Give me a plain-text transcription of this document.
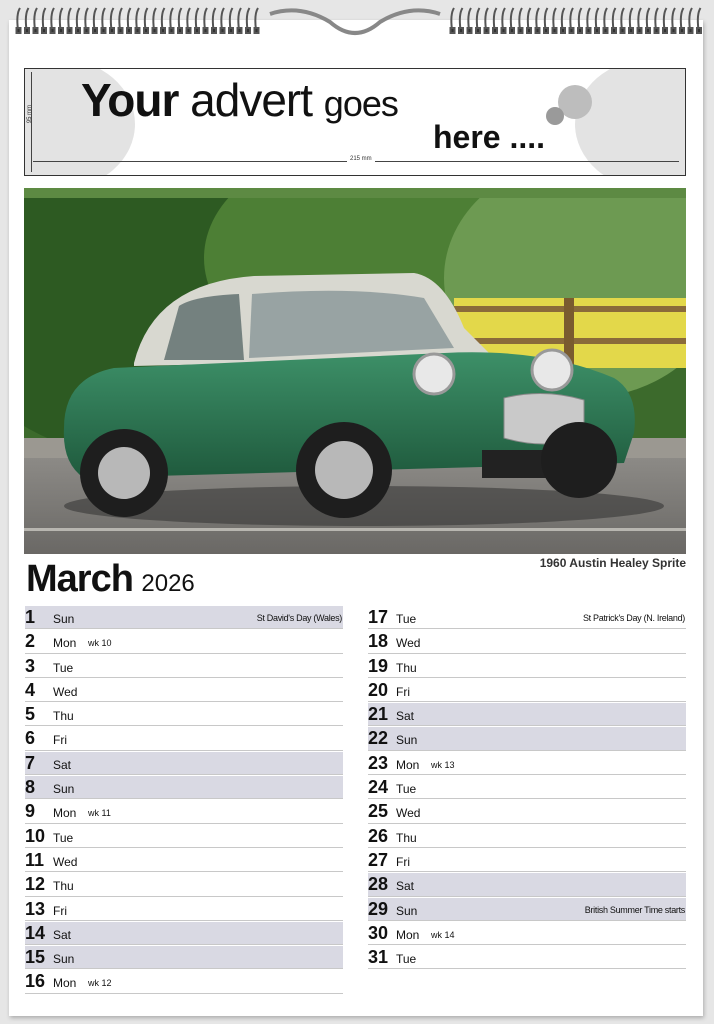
Your advert goes
here ....
95 mm
215 mm
1960 Austin Healey Sprite
March 2026
1 Sun	St David's Day (Wales)
2 Mon wk 10
3 Tue
4 Wed
5 Thu
6 Fri
7 Sat
8 Sun
9 Mon wk 11
10 Tue
11 Wed
12 Thu
13 Fri
14 Sat
15 Sun
16 Mon wk 12
17 Tue	St Patrick's Day (N. Ireland)
18 Wed
19 Thu
20 Fri
21 Sat
22 Sun
23 Mon wk 13
24 Tue
25 Wed
26 Thu
27 Fri
28 Sat
29 Sun	British Summer Time starts
30 Mon wk 14
31 Tue
